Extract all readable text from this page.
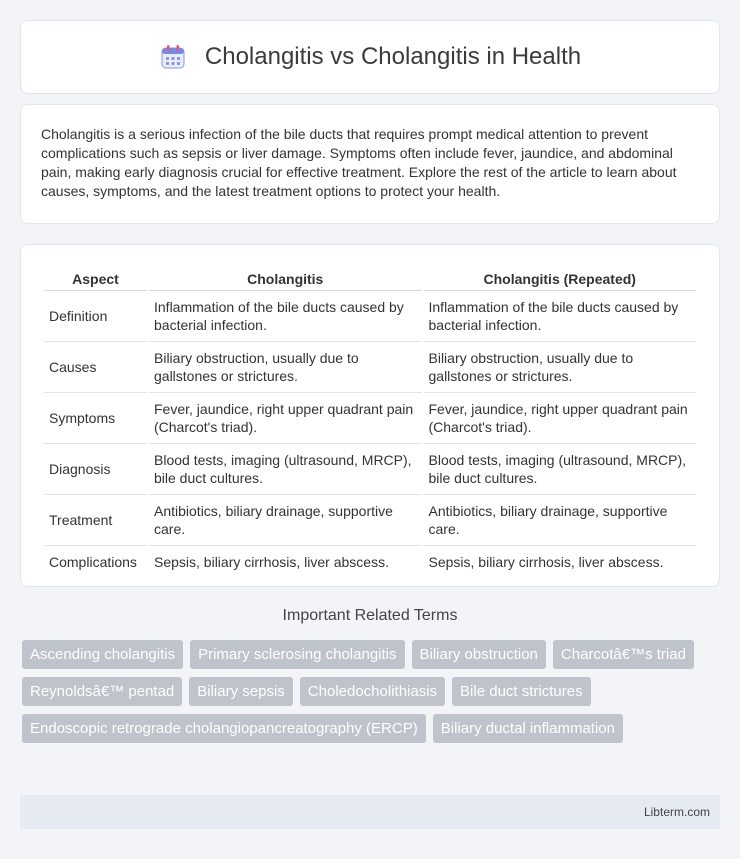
Cholangitis vs Cholangitis in Health

Cholangitis is a serious infection of the bile ducts that requires prompt medical attention to prevent complications such as sepsis or liver damage. Symptoms often include fever, jaundice, and abdominal pain, making early diagnosis crucial for effective treatment. Explore the rest of the article to learn about causes, symptoms, and the latest treatment options to protect your health.

Aspect	Cholangitis	Cholangitis (Repeated)
Definition	Inflammation of the bile ducts caused by bacterial infection.	Inflammation of the bile ducts caused by bacterial infection.
Causes	Biliary obstruction, usually due to gallstones or strictures.	Biliary obstruction, usually due to gallstones or strictures.
Symptoms	Fever, jaundice, right upper quadrant pain (Charcot's triad).	Fever, jaundice, right upper quadrant pain (Charcot's triad).
Diagnosis	Blood tests, imaging (ultrasound, MRCP), bile duct cultures.	Blood tests, imaging (ultrasound, MRCP), bile duct cultures.
Treatment	Antibiotics, biliary drainage, supportive care.	Antibiotics, biliary drainage, supportive care.
Complications	Sepsis, biliary cirrhosis, liver abscess.	Sepsis, biliary cirrhosis, liver abscess.
Important Related Terms
Ascending cholangitis	Primary sclerosing cholangitis	Biliary obstruction	Charcotâ€™s triad
Reynoldsâ€™ pentad	Biliary sepsis	Choledocholithiasis	Bile duct strictures
Endoscopic retrograde cholangiopancreatography (ERCP)	Biliary ductal inflammation
Libterm.com
